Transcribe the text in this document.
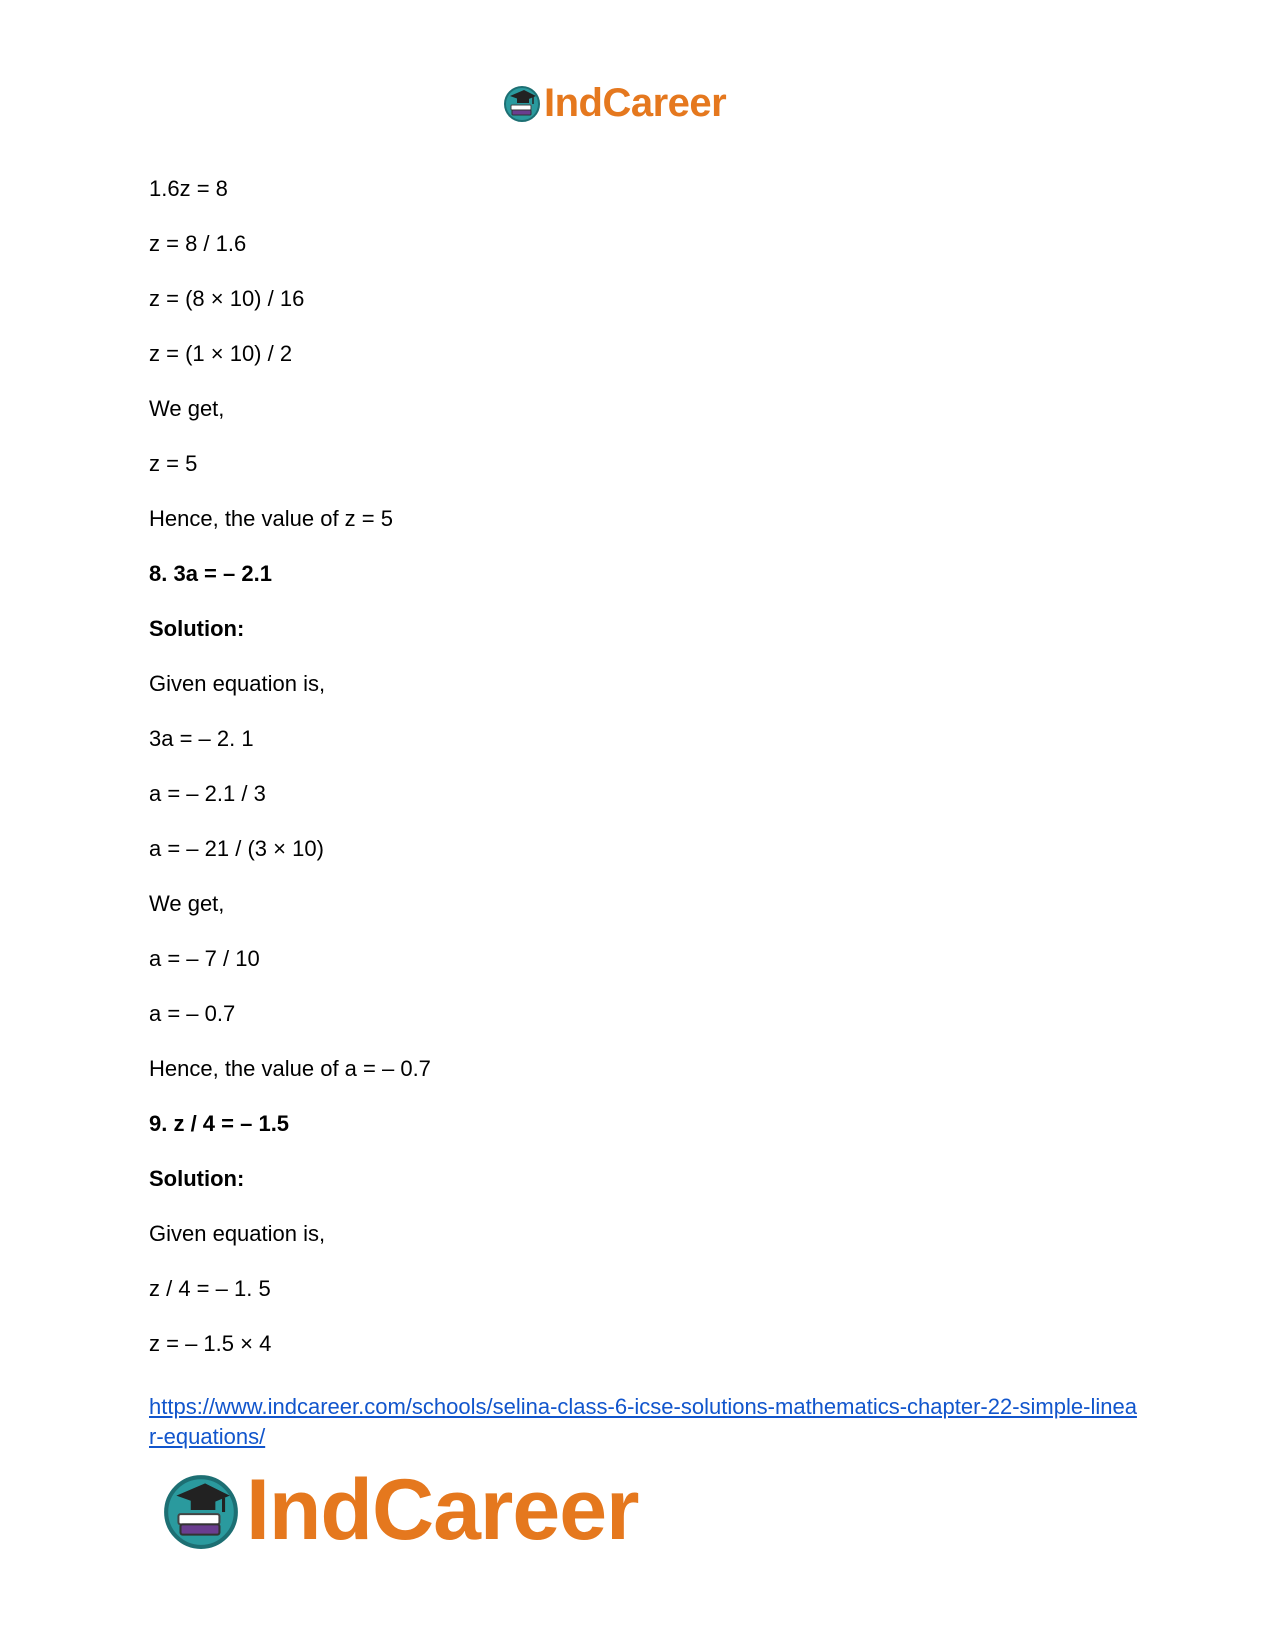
IndCareer
1.6z = 8
z = 8 / 1.6
z = (8 × 10) / 16
z = (1 × 10) / 2
We get,
z = 5
Hence, the value of z = 5
8. 3a = – 2.1
Solution:
Given equation is,
3a = – 2. 1
a = – 2.1 / 3
a = – 21 / (3 × 10)
We get,
a = – 7 / 10
a = – 0.7
Hence, the value of a = – 0.7
9. z / 4 = – 1.5
Solution:
Given equation is,
z / 4 = – 1. 5
z = – 1.5 × 4
https://www.indcareer.com/schools/selina-class-6-icse-solutions-mathematics-chapter-22-simple-linear-equations/
IndCareer
